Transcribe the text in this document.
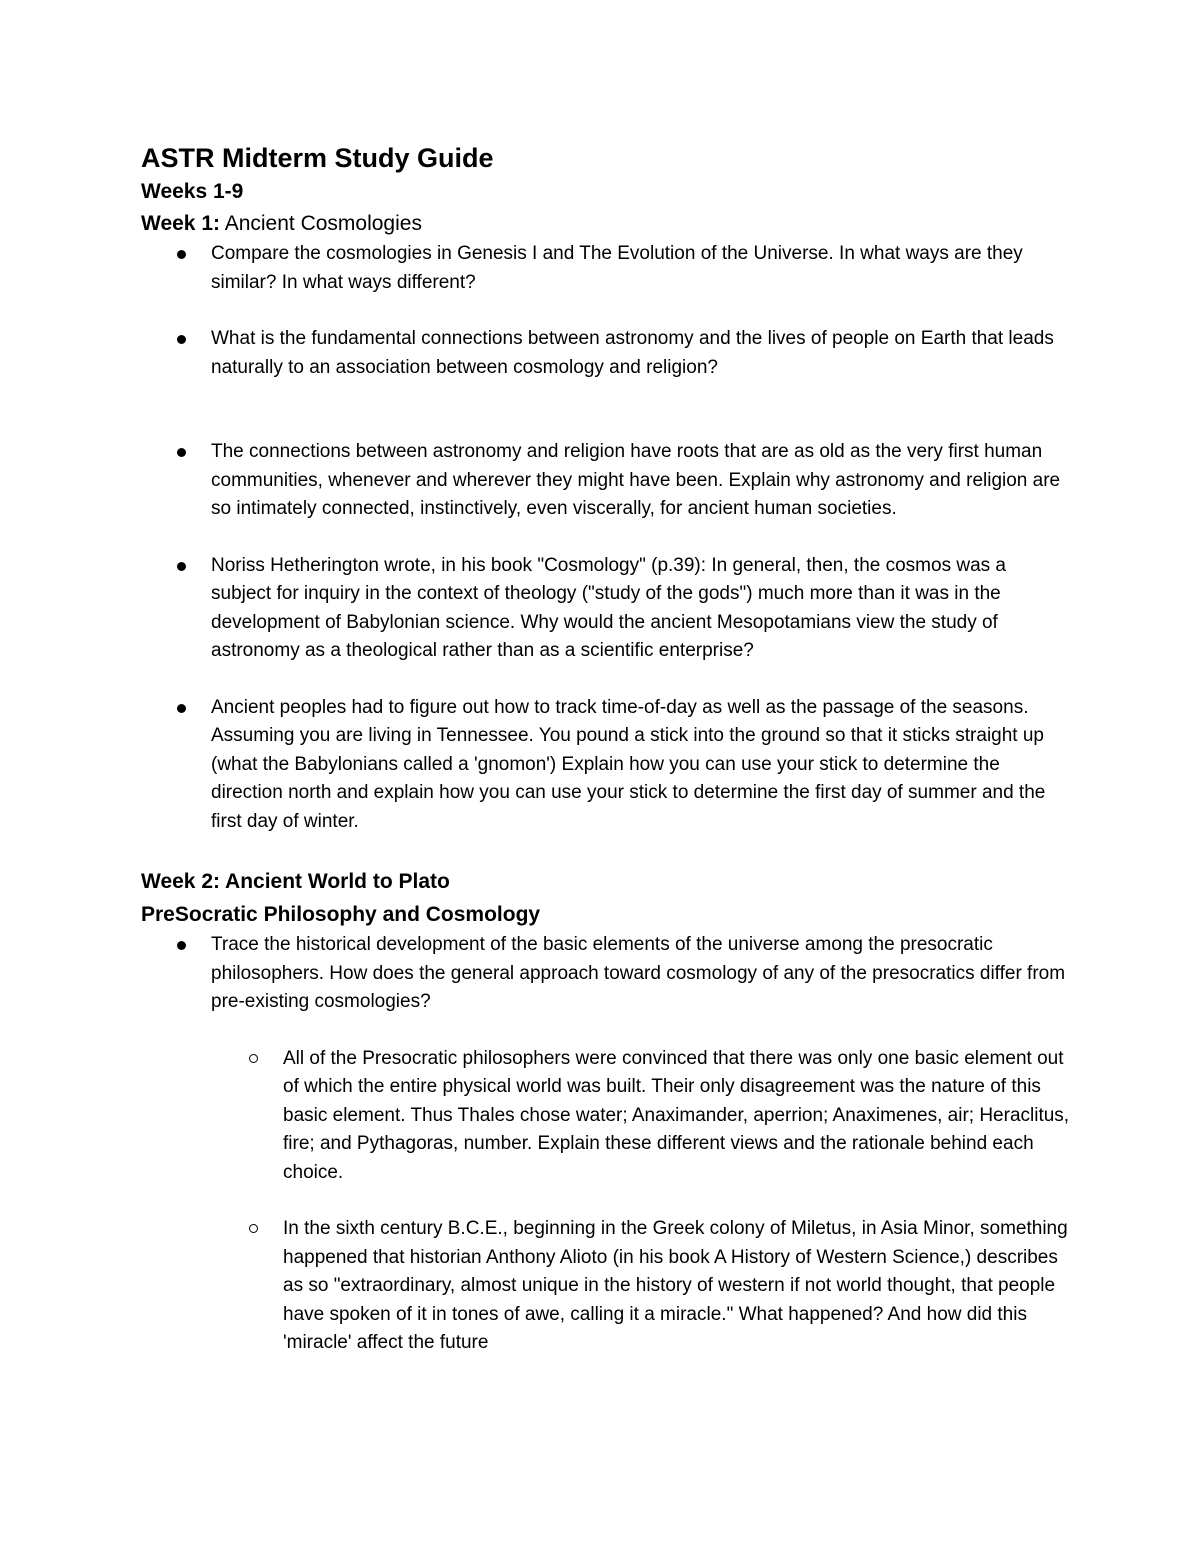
ASTR Midterm Study Guide
Weeks 1-9
Week 1: Ancient Cosmologies
Compare the cosmologies in Genesis I and The Evolution of the Universe. In what ways are they similar? In what ways different?
What is the fundamental connections between astronomy and the lives of people on Earth that leads naturally to an association between cosmology and religion?
The connections between astronomy and religion have roots that are as old as the very first human communities, whenever and wherever they might have been. Explain why astronomy and religion are so intimately connected, instinctively, even viscerally, for ancient human societies.
Noriss Hetherington wrote, in his book "Cosmology" (p.39): In general, then, the cosmos was a subject for inquiry in the context of theology ("study of the gods") much more than it was in the development of Babylonian science. Why would the ancient Mesopotamians view the study of astronomy as a theological rather than as a scientific enterprise?
Ancient peoples had to figure out how to track time-of-day as well as the passage of the seasons. Assuming you are living in Tennessee. You pound a stick into the ground so that it sticks straight up (what the Babylonians called a 'gnomon') Explain how you can use your stick to determine the direction north and explain how you can use your stick to determine the first day of summer and the first day of winter.
Week 2: Ancient World to Plato
PreSocratic Philosophy and Cosmology
Trace the historical development of the basic elements of the universe among the presocratic philosophers. How does the general approach toward cosmology of any of the presocratics differ from pre-existing cosmologies?
All of the Presocratic philosophers were convinced that there was only one basic element out of which the entire physical world was built. Their only disagreement was the nature of this basic element. Thus Thales chose water; Anaximander, aperrion; Anaximenes, air; Heraclitus, fire; and Pythagoras, number. Explain these different views and the rationale behind each choice.
In the sixth century B.C.E., beginning in the Greek colony of Miletus, in Asia Minor, something happened that historian Anthony Alioto (in his book A History of Western Science,) describes as so "extraordinary, almost unique in the history of western if not world thought, that people have spoken of it in tones of awe, calling it a miracle." What happened? And how did this 'miracle' affect the future
